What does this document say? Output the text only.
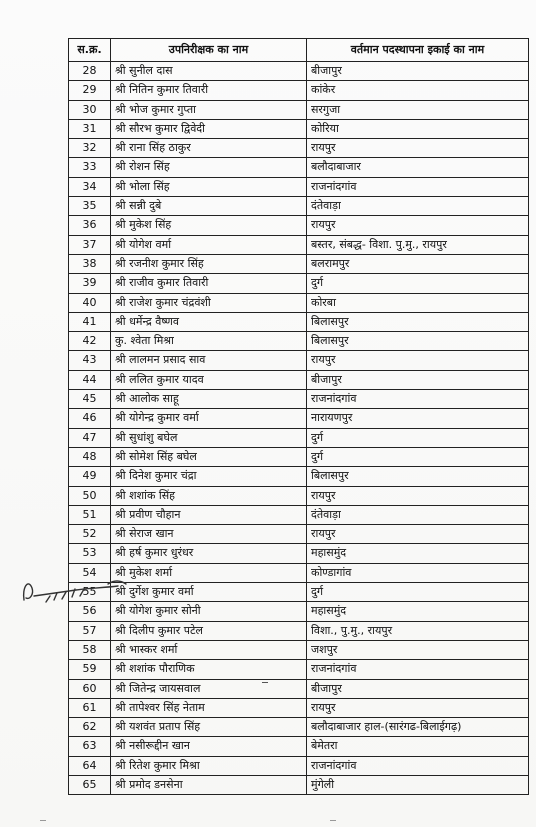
स.क्र.	उपनिरीक्षक का नाम	वर्तमान पदस्थापना इकाई का नाम
28	श्री सुनील दास	बीजापुर
29	श्री नितिन कुमार तिवारी	कांकेर
30	श्री भोज कुमार गुप्ता	सरगुजा
31	श्री सौरभ कुमार द्विवेदी	कोरिया
32	श्री राना सिंह ठाकुर	रायपुर
33	श्री रोशन सिंह	बलौदाबाजार
34	श्री भोला सिंह	राजनांदगांव
35	श्री सन्नी दुबे	दंतेवाड़ा
36	श्री मुकेश सिंह	रायपुर
37	श्री योगेश वर्मा	बस्तर, संबद्ध- विशा. पु.मु., रायपुर
38	श्री रजनीश कुमार सिंह	बलरामपुर
39	श्री राजीव कुमार तिवारी	दुर्ग
40	श्री राजेश कुमार चंद्रवंशी	कोरबा
41	श्री धर्मेन्द्र वैष्णव	बिलासपुर
42	कु. श्वेता मिश्रा	बिलासपुर
43	श्री लालमन प्रसाद साव	रायपुर
44	श्री ललित कुमार यादव	बीजापुर
45	श्री आलोक साहू	राजनांदगांव
46	श्री योगेन्द्र कुमार वर्मा	नारायणपुर
47	श्री सुधांशु बघेल	दुर्ग
48	श्री सोमेश सिंह बघेल	दुर्ग
49	श्री दिनेश कुमार चंद्रा	बिलासपुर
50	श्री शशांक सिंह	रायपुर
51	श्री प्रवीण चौहान	दंतेवाड़ा
52	श्री सेराज खान	रायपुर
53	श्री हर्ष कुमार धुरंधर	महासमुंद
54	श्री मुकेश शर्मा	कोण्डागांव
55	श्री दुर्गेश कुमार वर्मा	दुर्ग
56	श्री योगेश कुमार सोनी	महासमुंद
57	श्री दिलीप कुमार पटेल	विशा., पु.मु., रायपुर
58	श्री भास्कर शर्मा	जशपुर
59	श्री शशांक पौराणिक	राजनांदगांव
60	श्री जितेन्द्र जायसवाल	बीजापुर
61	श्री तापेश्वर सिंह नेताम	रायपुर
62	श्री यशवंत प्रताप सिंह	बलौदाबाजार हाल-(सारंगढ-बिलाईगढ़)
63	श्री नसीरूद्दीन खान	बेमेतरा
64	श्री रितेश कुमार मिश्रा	राजनांदगांव
65	श्री प्रमोद डनसेना	मुंगेली
